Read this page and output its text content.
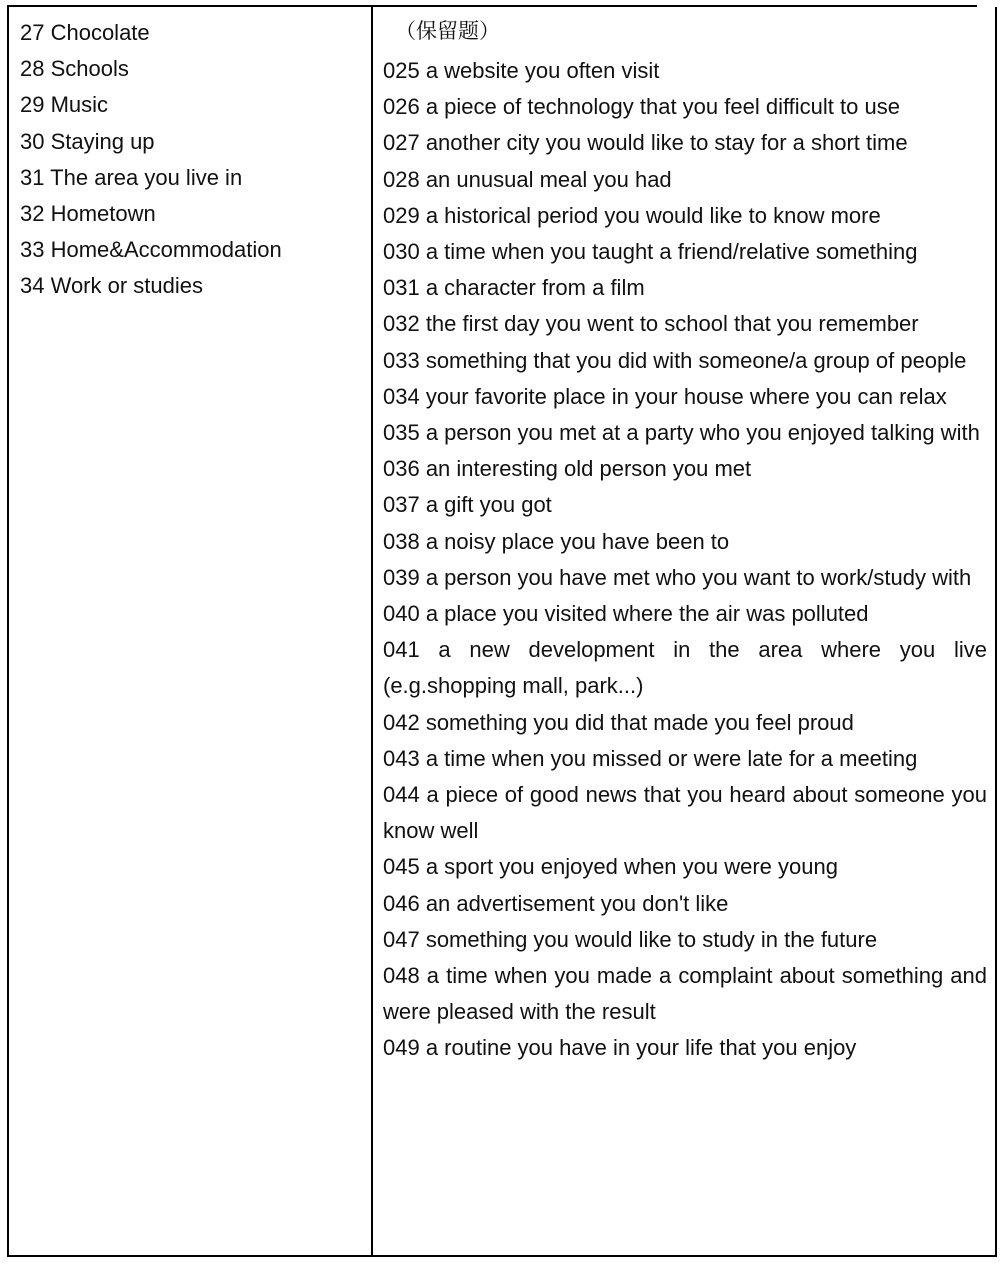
27 Chocolate
28 Schools
29 Music
30 Staying up
31 The area you live in
32 Hometown
33 Home&Accommodation
34 Work or studies
（保留题）
025 a website you often visit
026 a piece of technology that you feel difficult to use
027 another city you would like to stay for a short time
028 an unusual meal you had
029 a historical period you would like to know more
030 a time when you taught a friend/relative something
031 a character from a film
032 the first day you went to school that you remember
033 something that you did with someone/a group of people
034 your favorite place in your house where you can relax
035 a person you met at a party who you enjoyed talking with
036 an interesting old person you met
037 a gift you got
038 a noisy place you have been to
039 a person you have met who you want to work/study with
040 a place you visited where the air was polluted
041 a new development in the area where you live (e.g.shopping mall, park...)
042 something you did that made you feel proud
043 a time when you missed or were late for a meeting
044 a piece of good news that you heard about someone you know well
045 a sport you enjoyed when you were young
046 an advertisement you don't like
047 something you would like to study in the future
048 a time when you made a complaint about something and were pleased with the result
049 a routine you have in your life that you enjoy
